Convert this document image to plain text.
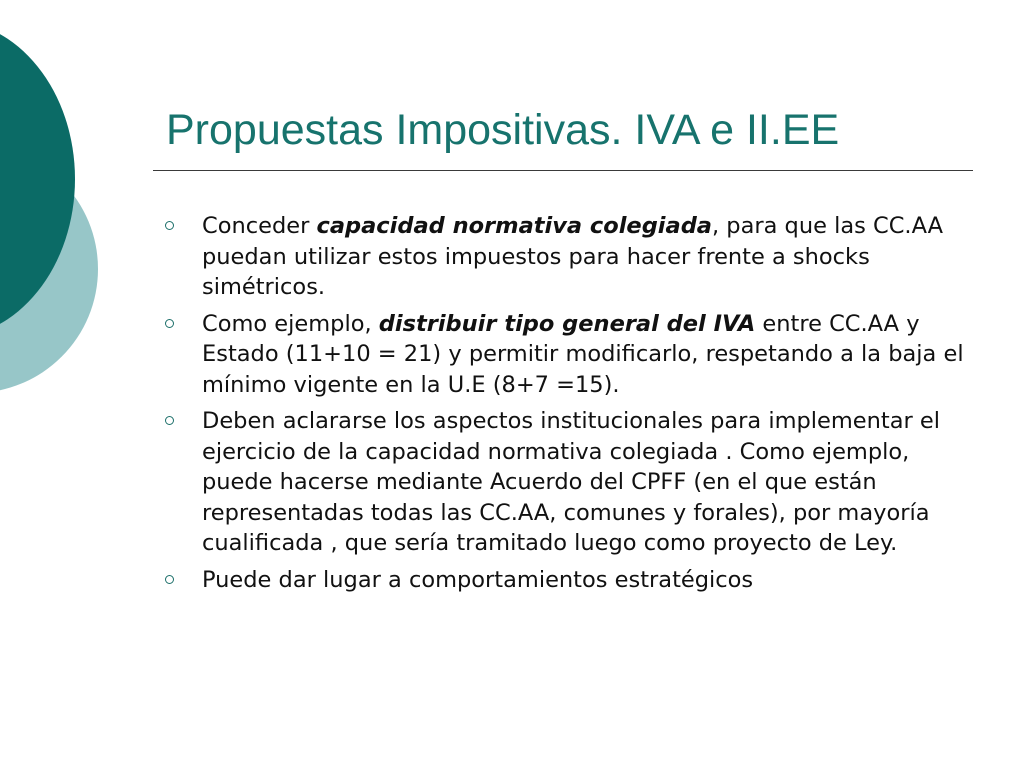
Propuestas Impositivas. IVA e II.EE
Conceder capacidad normativa colegiada, para que las CC.AA puedan utilizar estos impuestos para hacer frente a shocks simétricos.
Como ejemplo, distribuir tipo general del IVA entre CC.AA y Estado (11+10 = 21) y permitir modificarlo, respetando a la baja el mínimo vigente en la U.E (8+7 =15).
Deben aclararse los aspectos institucionales para implementar el ejercicio de la capacidad normativa colegiada . Como ejemplo, puede hacerse mediante Acuerdo del CPFF (en el que están representadas todas las CC.AA, comunes y forales), por mayoría cualificada , que sería tramitado luego como proyecto de Ley.
Puede dar lugar a comportamientos estratégicos
